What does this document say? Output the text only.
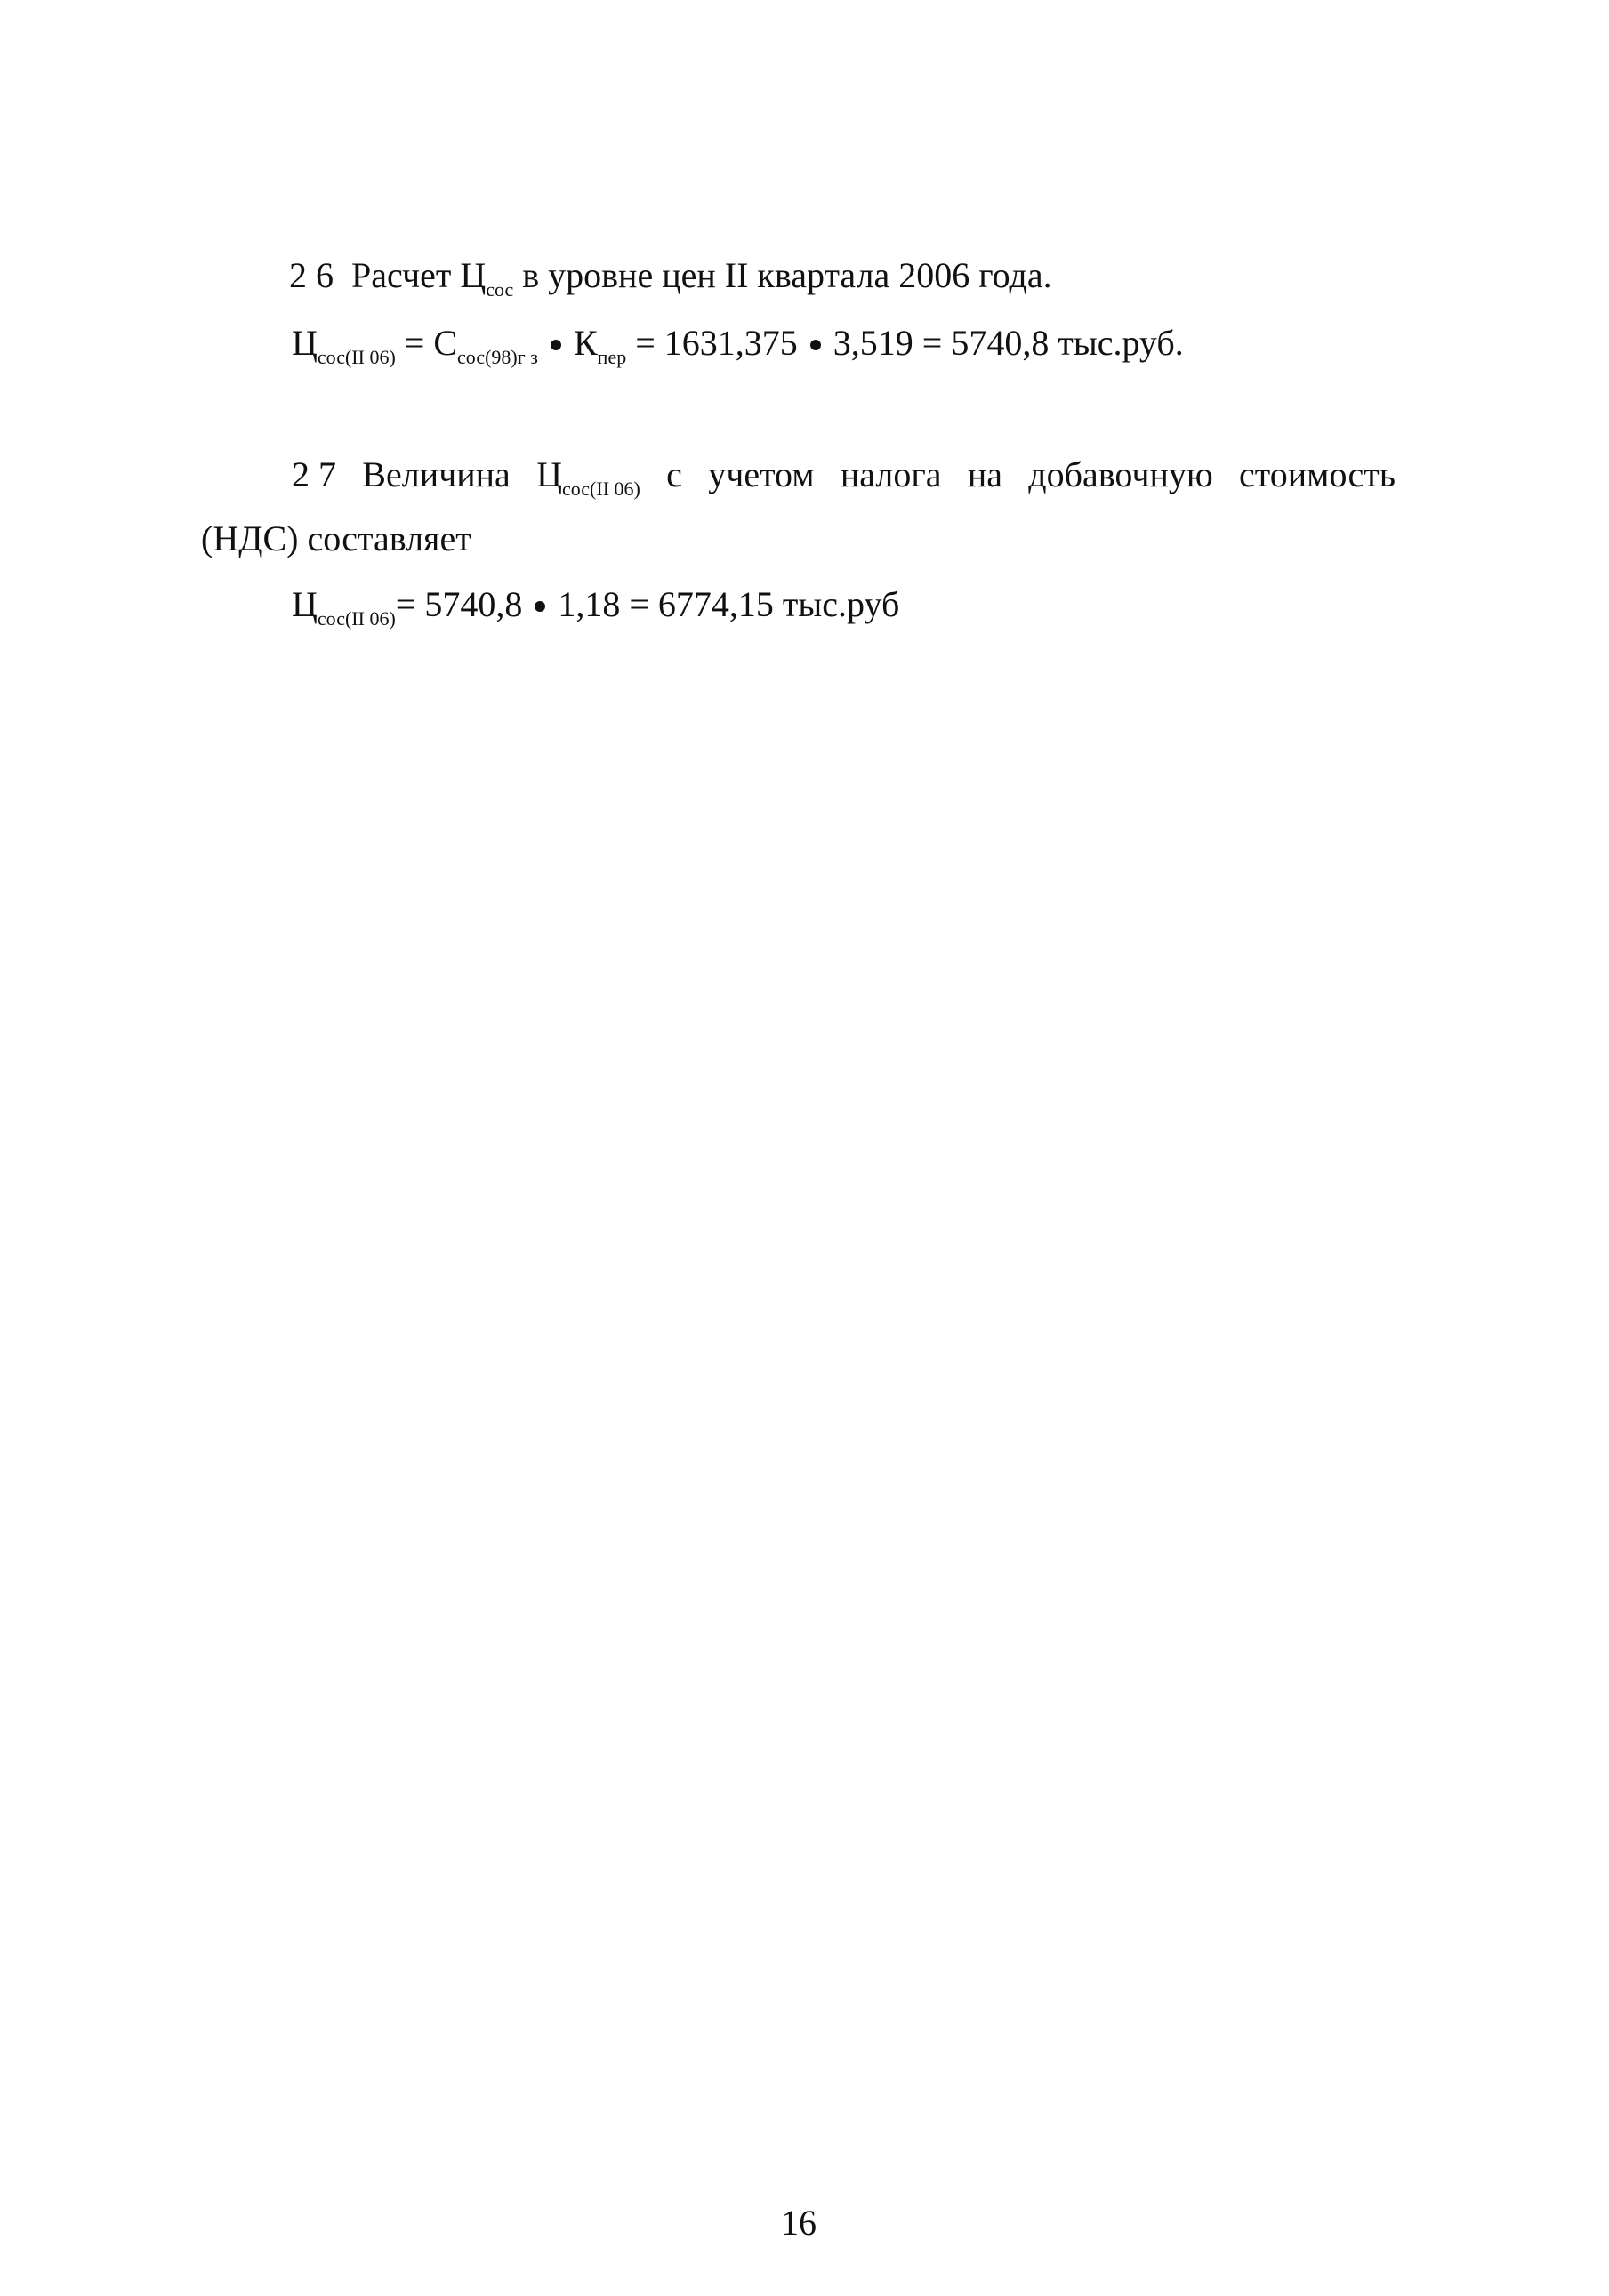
2 6 Расчет $Ц_{сос}$ в уровне цен II квартала 2006 года.
$Ц_{сос(II 06)} = С_{сос(98)г з}$ $К_{пер} = 1631,375$ 3,519 = 5740,8 тыс.руб.
2 7 Величина $Ц_{сос(II 06)}$ с учетом налога на добавочную стоимость
(НДС) составляет
$Ц_{сос(II 06)}= 5740,8$ 1,18 = 6774,15 тыс.руб
16
